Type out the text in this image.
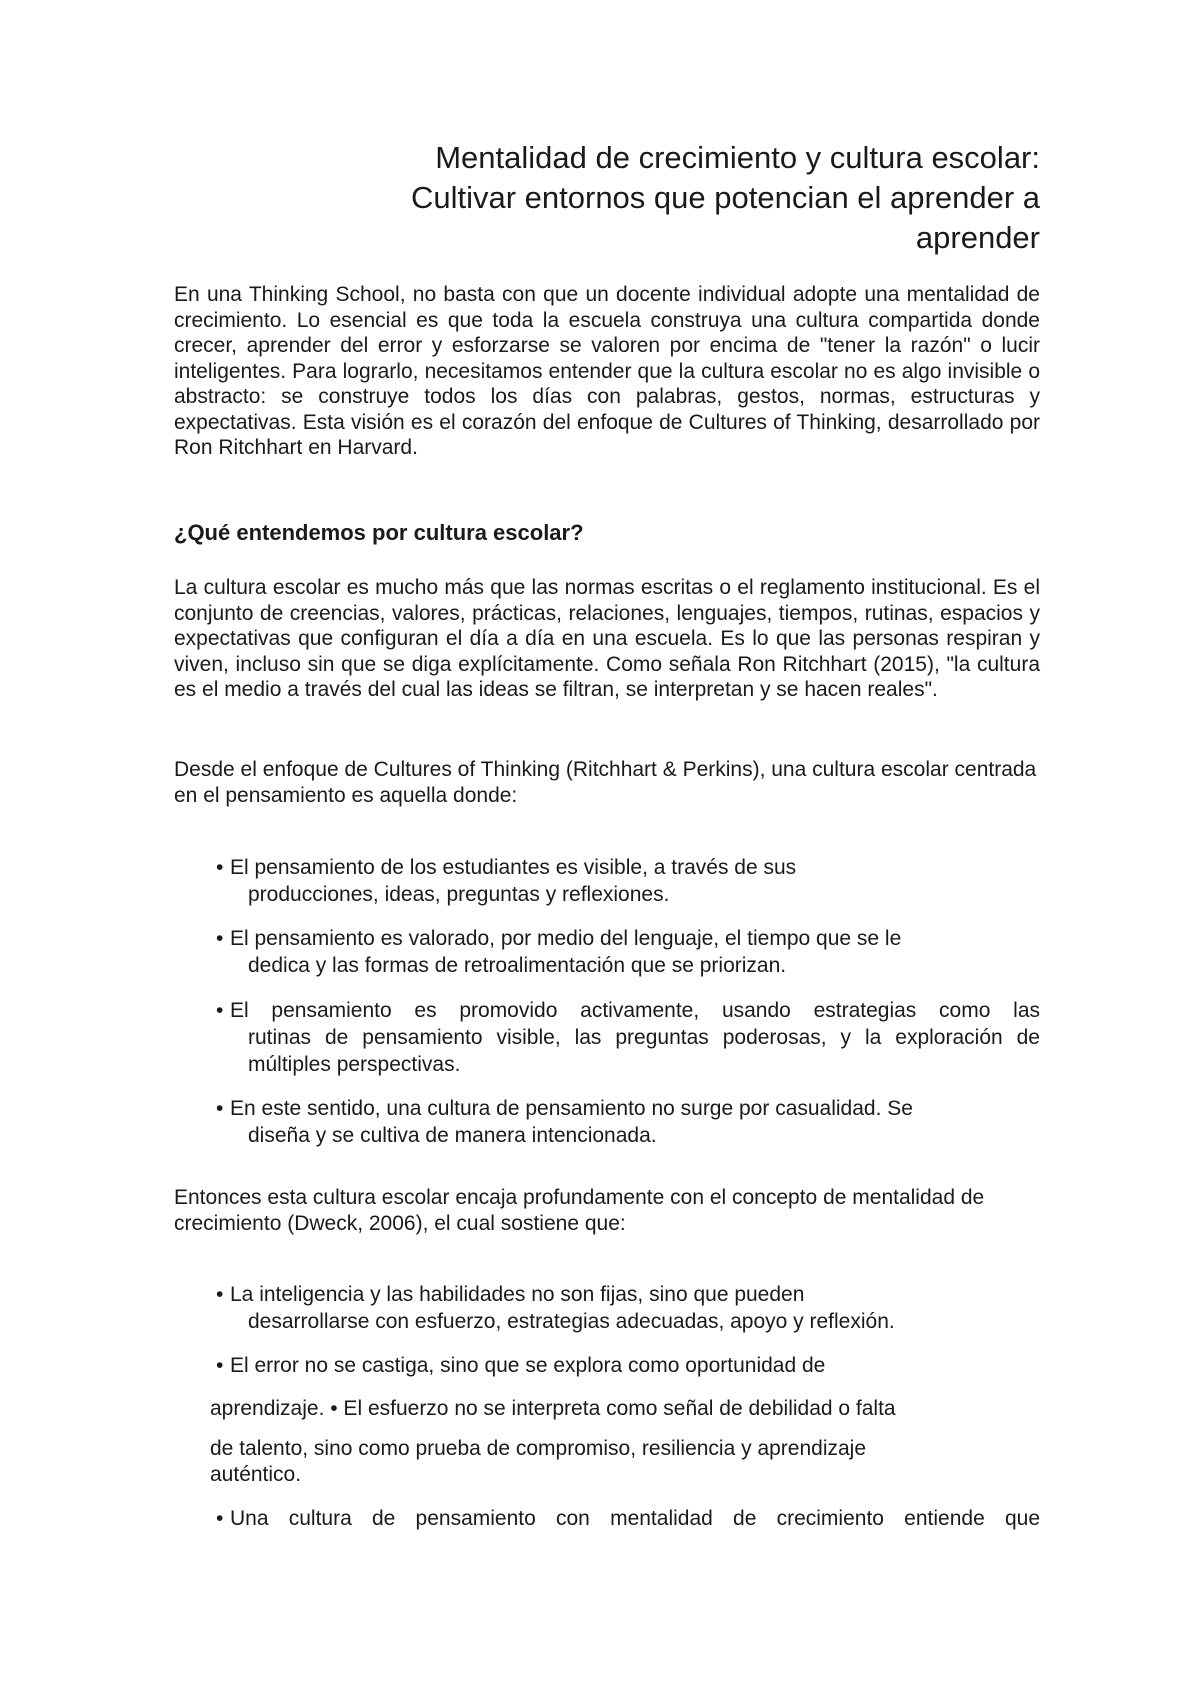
Mentalidad de crecimiento y cultura escolar:
Cultivar entornos que potencian el aprender a
aprender

En una Thinking School, no basta con que un docente individual adopte una mentalidad de crecimiento. Lo esencial es que toda la escuela construya una cultura compartida donde crecer, aprender del error y esforzarse se valoren por encima de "tener la razón" o lucir inteligentes. Para lograrlo, necesitamos entender que la cultura escolar no es algo invisible o abstracto: se construye todos los días con palabras, gestos, normas, estructuras y expectativas. Esta visión es el corazón del enfoque de Cultures of Thinking, desarrollado por Ron Ritchhart en Harvard.

¿Qué entendemos por cultura escolar?

La cultura escolar es mucho más que las normas escritas o el reglamento institucional. Es el conjunto de creencias, valores, prácticas, relaciones, lenguajes, tiempos, rutinas, espacios y expectativas que configuran el día a día en una escuela. Es lo que las personas respiran y viven, incluso sin que se diga explícitamente. Como señala Ron Ritchhart (2015), "la cultura es el medio a través del cual las ideas se filtran, se interpretan y se hacen reales".

Desde el enfoque de Cultures of Thinking (Ritchhart & Perkins), una cultura escolar centrada en el pensamiento es aquella donde:

• El pensamiento de los estudiantes es visible, a través de sus
producciones, ideas, preguntas y reflexiones.
• El pensamiento es valorado, por medio del lenguaje, el tiempo que se le
dedica y las formas de retroalimentación que se priorizan.
• El pensamiento es promovido activamente, usando estrategias como las
rutinas de pensamiento visible, las preguntas poderosas, y la exploración de múltiples perspectivas.
• En este sentido, una cultura de pensamiento no surge por casualidad. Se
diseña y se cultiva de manera intencionada.

Entonces esta cultura escolar encaja profundamente con el concepto de mentalidad de crecimiento (Dweck, 2006), el cual sostiene que:

• La inteligencia y las habilidades no son fijas, sino que pueden
desarrollarse con esfuerzo, estrategias adecuadas, apoyo y reflexión.
• El error no se castiga, sino que se explora como oportunidad de

aprendizaje. • El esfuerzo no se interpreta como señal de debilidad o falta

de talento, sino como prueba de compromiso, resiliencia y aprendizaje

auténtico.

• Una cultura de pensamiento con mentalidad de crecimiento entiende que
